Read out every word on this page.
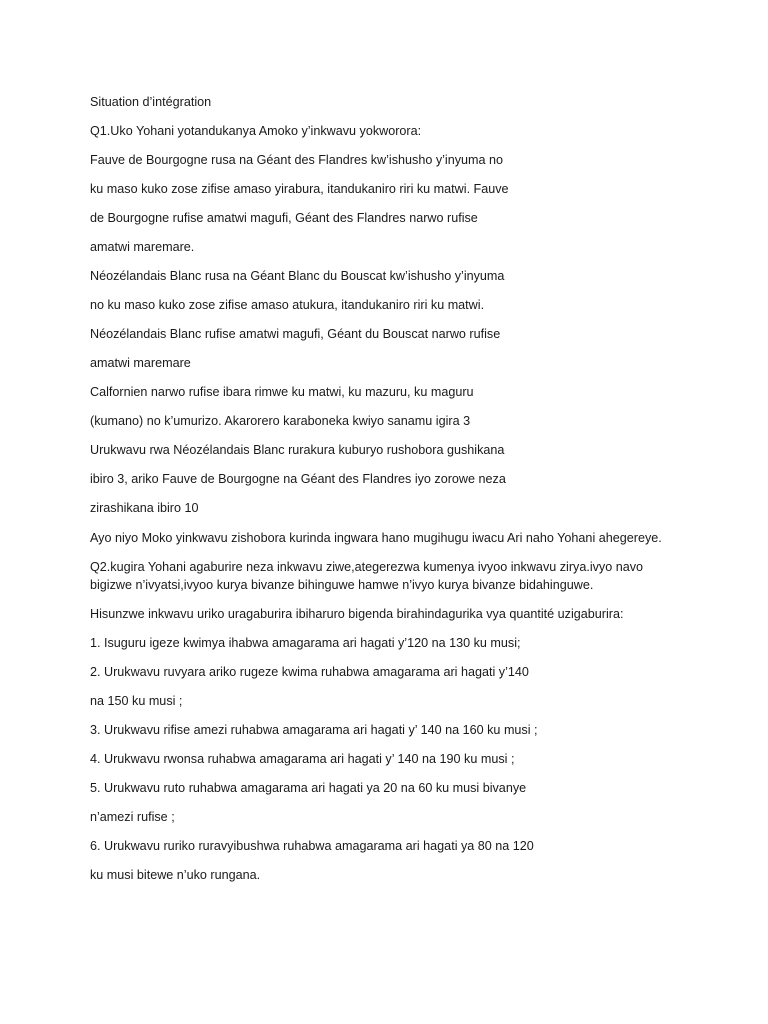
Situation d’intégration

Q1.Uko Yohani yotandukanya Amoko y’inkwavu yokworora:

Fauve de Bourgogne rusa na Géant des Flandres kw’ishusho y’inyuma no

ku maso kuko zose zifise amaso yirabura, itandukaniro riri ku matwi. Fauve

de Bourgogne rufise amatwi magufi, Géant des Flandres narwo rufise

amatwi maremare.

Néozélandais Blanc rusa na Géant Blanc du Bouscat kw’ishusho y’inyuma

no ku maso kuko zose zifise amaso atukura, itandukaniro riri ku matwi.

Néozélandais Blanc rufise amatwi magufi, Géant du Bouscat narwo rufise

amatwi maremare

Calfornien narwo rufise ibara rimwe ku matwi, ku mazuru, ku maguru

(kumano) no k’umurizo. Akarorero karaboneka kwiyo sanamu igira 3

Urukwavu rwa Néozélandais Blanc rurakura kuburyo rushobora gushikana

ibiro 3, ariko Fauve de Bourgogne na Géant des Flandres iyo zorowe neza

zirashikana ibiro 10

Ayo niyo Moko yinkwavu zishobora kurinda ingwara hano mugihugu iwacu Ari naho Yohani ahegereye.

Q2.kugira Yohani agaburire neza inkwavu ziwe,ategerezwa kumenya ivyoo inkwavu zirya.ivyo navo

bigizwe n’ivyatsi,ivyoo kurya bivanze bihinguwe hamwe n’ivyo kurya bivanze bidahinguwe.

Hisunzwe inkwavu uriko uragaburira ibiharuro bigenda birahindagurika vya quantité uzigaburira:

1. Isuguru igeze kwimya ihabwa amagarama ari hagati y’120 na 130 ku musi;

2. Urukwavu ruvyara ariko rugeze kwima ruhabwa amagarama ari hagati y’140

na 150 ku musi ;

3. Urukwavu rifise amezi ruhabwa amagarama ari hagati y’ 140 na 160 ku musi ;

4. Urukwavu rwonsa ruhabwa amagarama ari hagati y’ 140 na 190 ku musi ;

5. Urukwavu ruto ruhabwa amagarama ari hagati ya 20 na 60 ku musi bivanye

n’amezi rufise ;

6. Urukwavu ruriko ruravyibushwa ruhabwa amagarama ari hagati ya 80 na 120

ku musi bitewe n’uko rungana.
